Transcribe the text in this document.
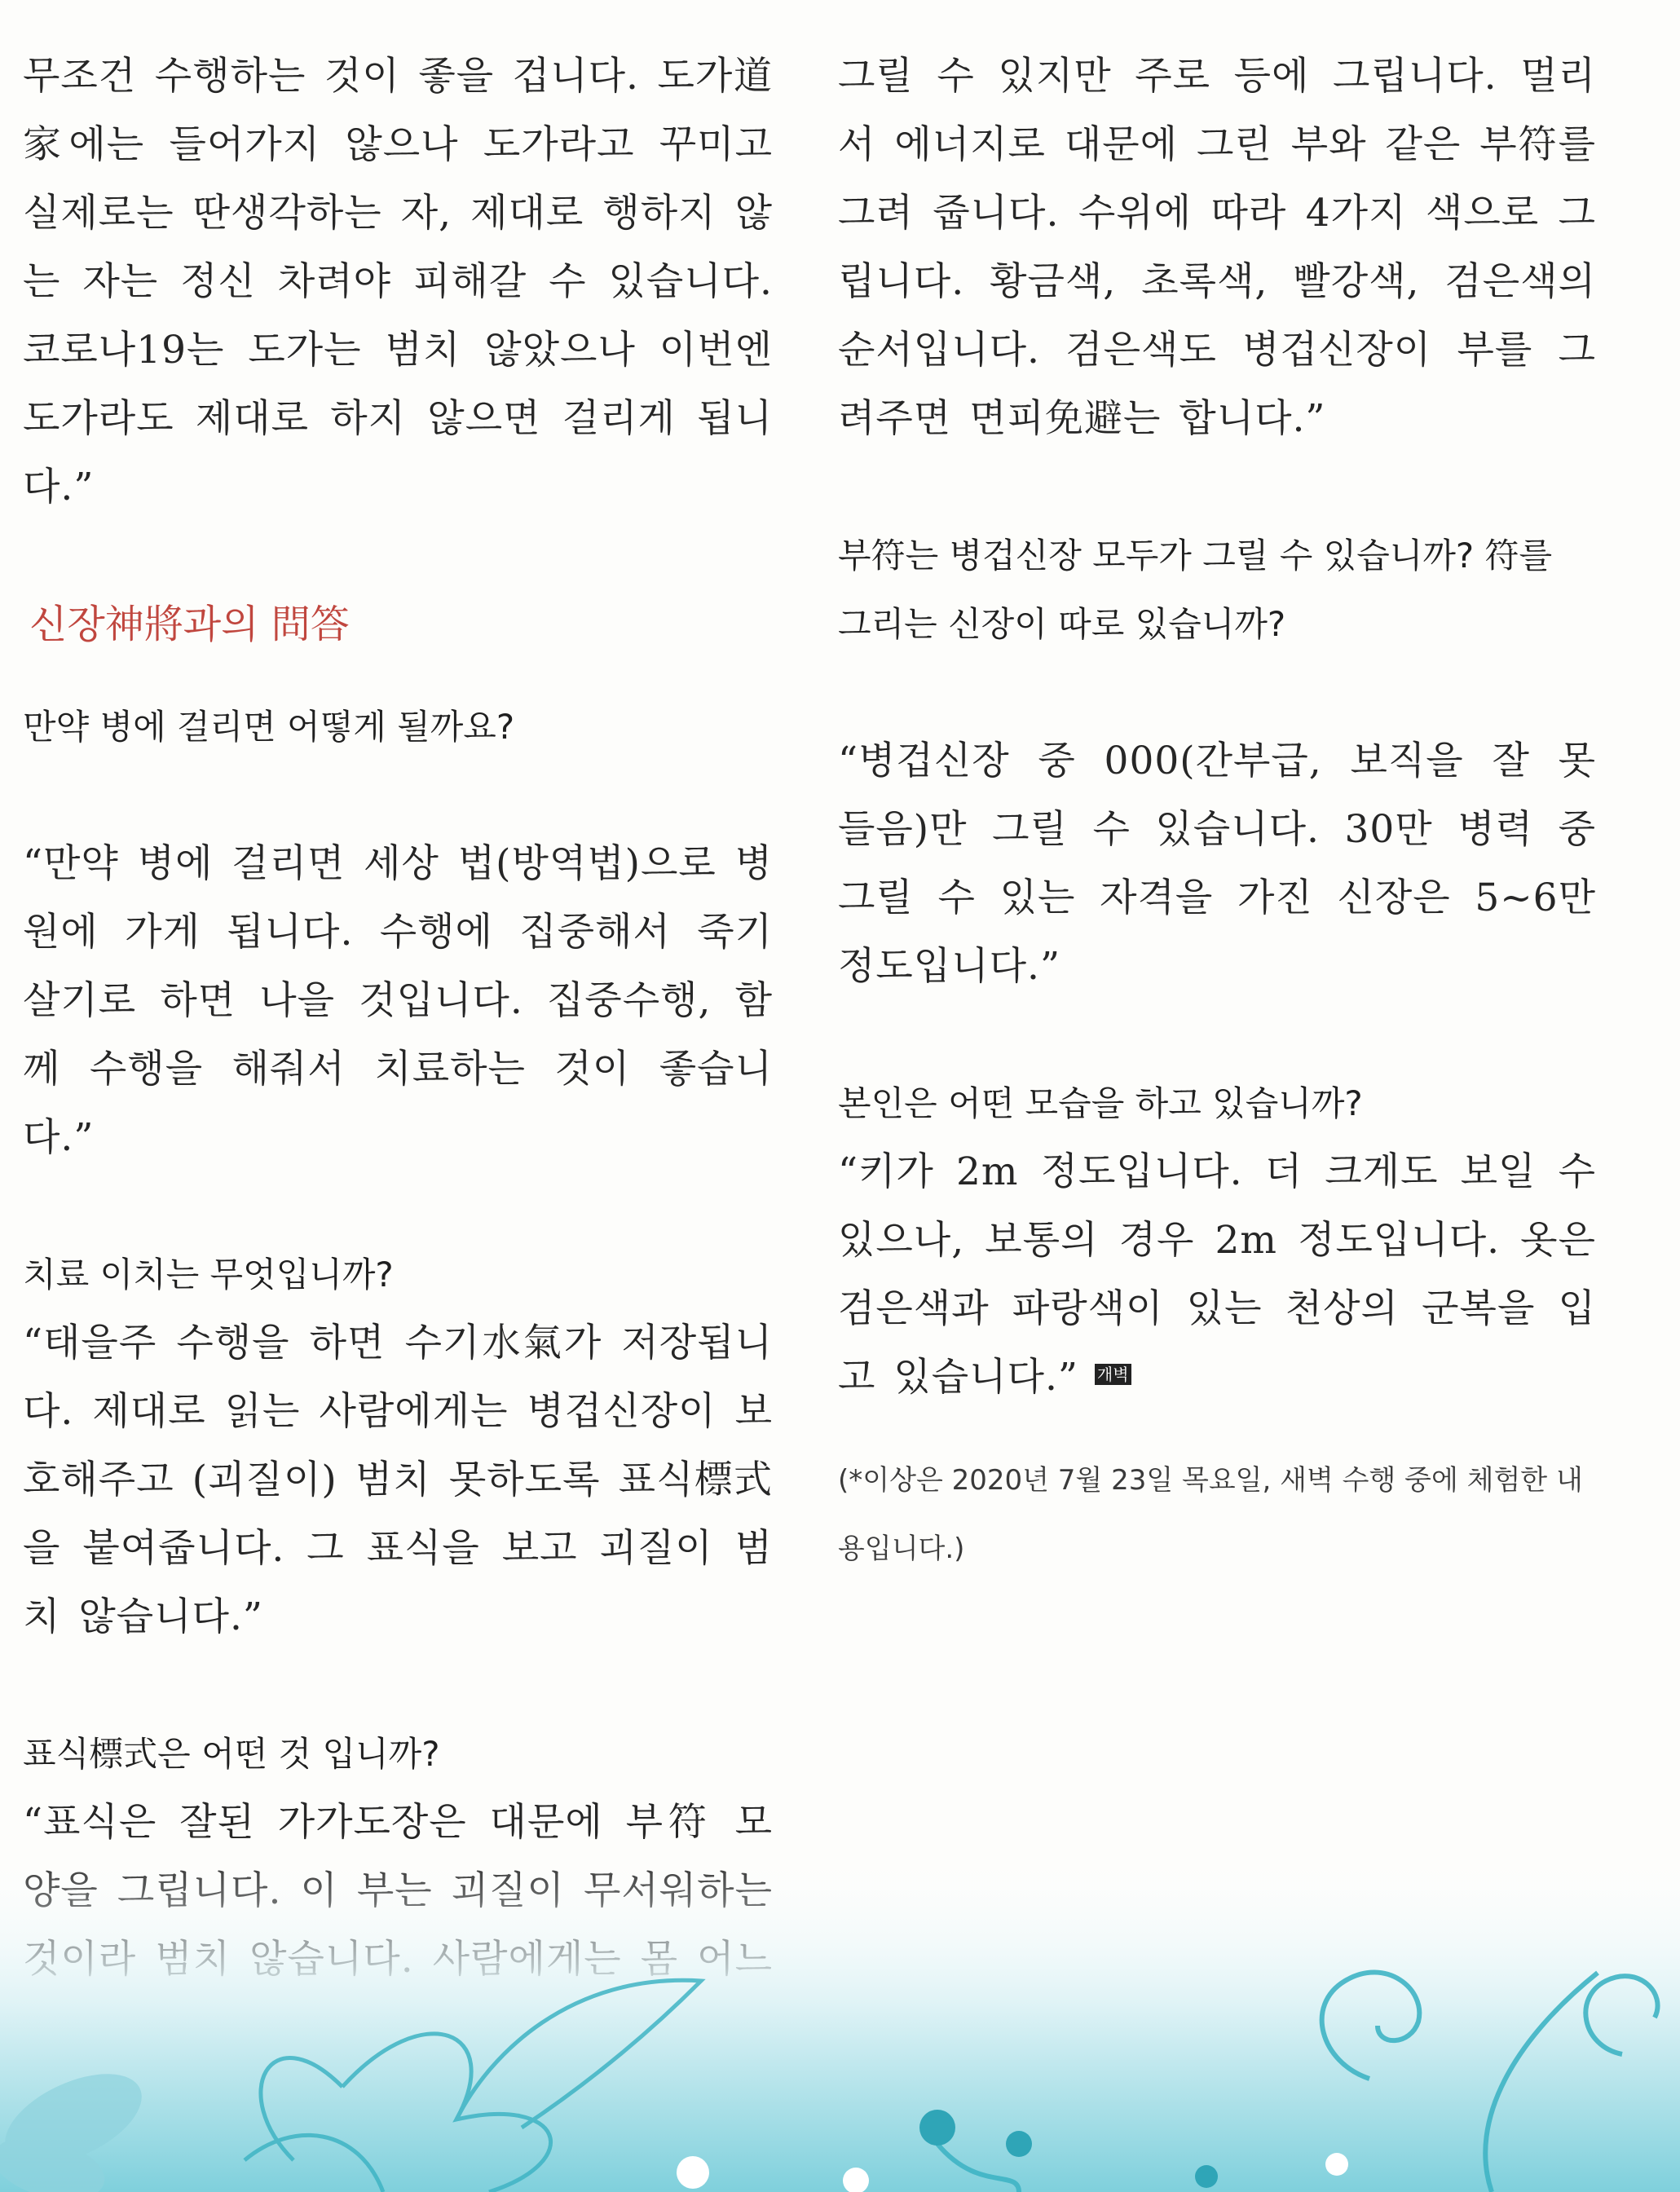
무조건 수행하는 것이 좋을 겁니다. 도가道家에는 들어가지 않으나 도가라고 꾸미고 실제로는 딴생각하는 자, 제대로 행하지 않는 자는 정신 차려야 피해갈 수 있습니다. 코로나19는 도가는 범치 않았으나 이번엔 도가라도 제대로 하지 않으면 걸리게 됩니다.”

신장神將과의 問答
만약 병에 걸리면 어떻게 될까요?

“만약 병에 걸리면 세상 법(방역법)으로 병원에 가게 됩니다. 수행에 집중해서 죽기 살기로 하면 나을 것입니다. 집중수행, 함께 수행을 해줘서 치료하는 것이 좋습니다.”

치료 이치는 무엇입니까?

“태을주 수행을 하면 수기水氣가 저장됩니다. 제대로 읽는 사람에게는 병겁신장이 보호해주고 (괴질이) 범치 못하도록 표식標式을 붙여줍니다. 그 표식을 보고 괴질이 범치 않습니다.”

표식標式은 어떤 것 입니까?

“표식은 잘된 가가도장은 대문에 부符 모

그릴 수 있지만 주로 등에 그립니다. 멀리서 에너지로 대문에 그린 부와 같은 부符를 그려 줍니다. 수위에 따라 4가지 색으로 그립니다. 황금색, 초록색, 빨강색, 검은색의 순서입니다. 검은색도 병겁신장이 부를 그려주면 면피免避는 합니다.”

부符는 병겁신장 모두가 그릴 수 있습니까? 符를 그리는 신장이 따로 있습니까?

“병겁신장 중 000(간부급, 보직을 잘 못 들음)만 그릴 수 있습니다. 30만 병력 중 그릴 수 있는 자격을 가진 신장은 5~6만 정도입니다.”

본인은 어떤 모습을 하고 있습니까?

“키가 2m 정도입니다. 더 크게도 보일 수 있으나, 보통의 경우 2m 정도입니다. 옷은 검은색과 파랑색이 있는 천상의 군복을 입고 있습니다.” 개벽

(*이상은 2020년 7월 23일 목요일, 새벽 수행 중에 체험한 내용입니다.)
